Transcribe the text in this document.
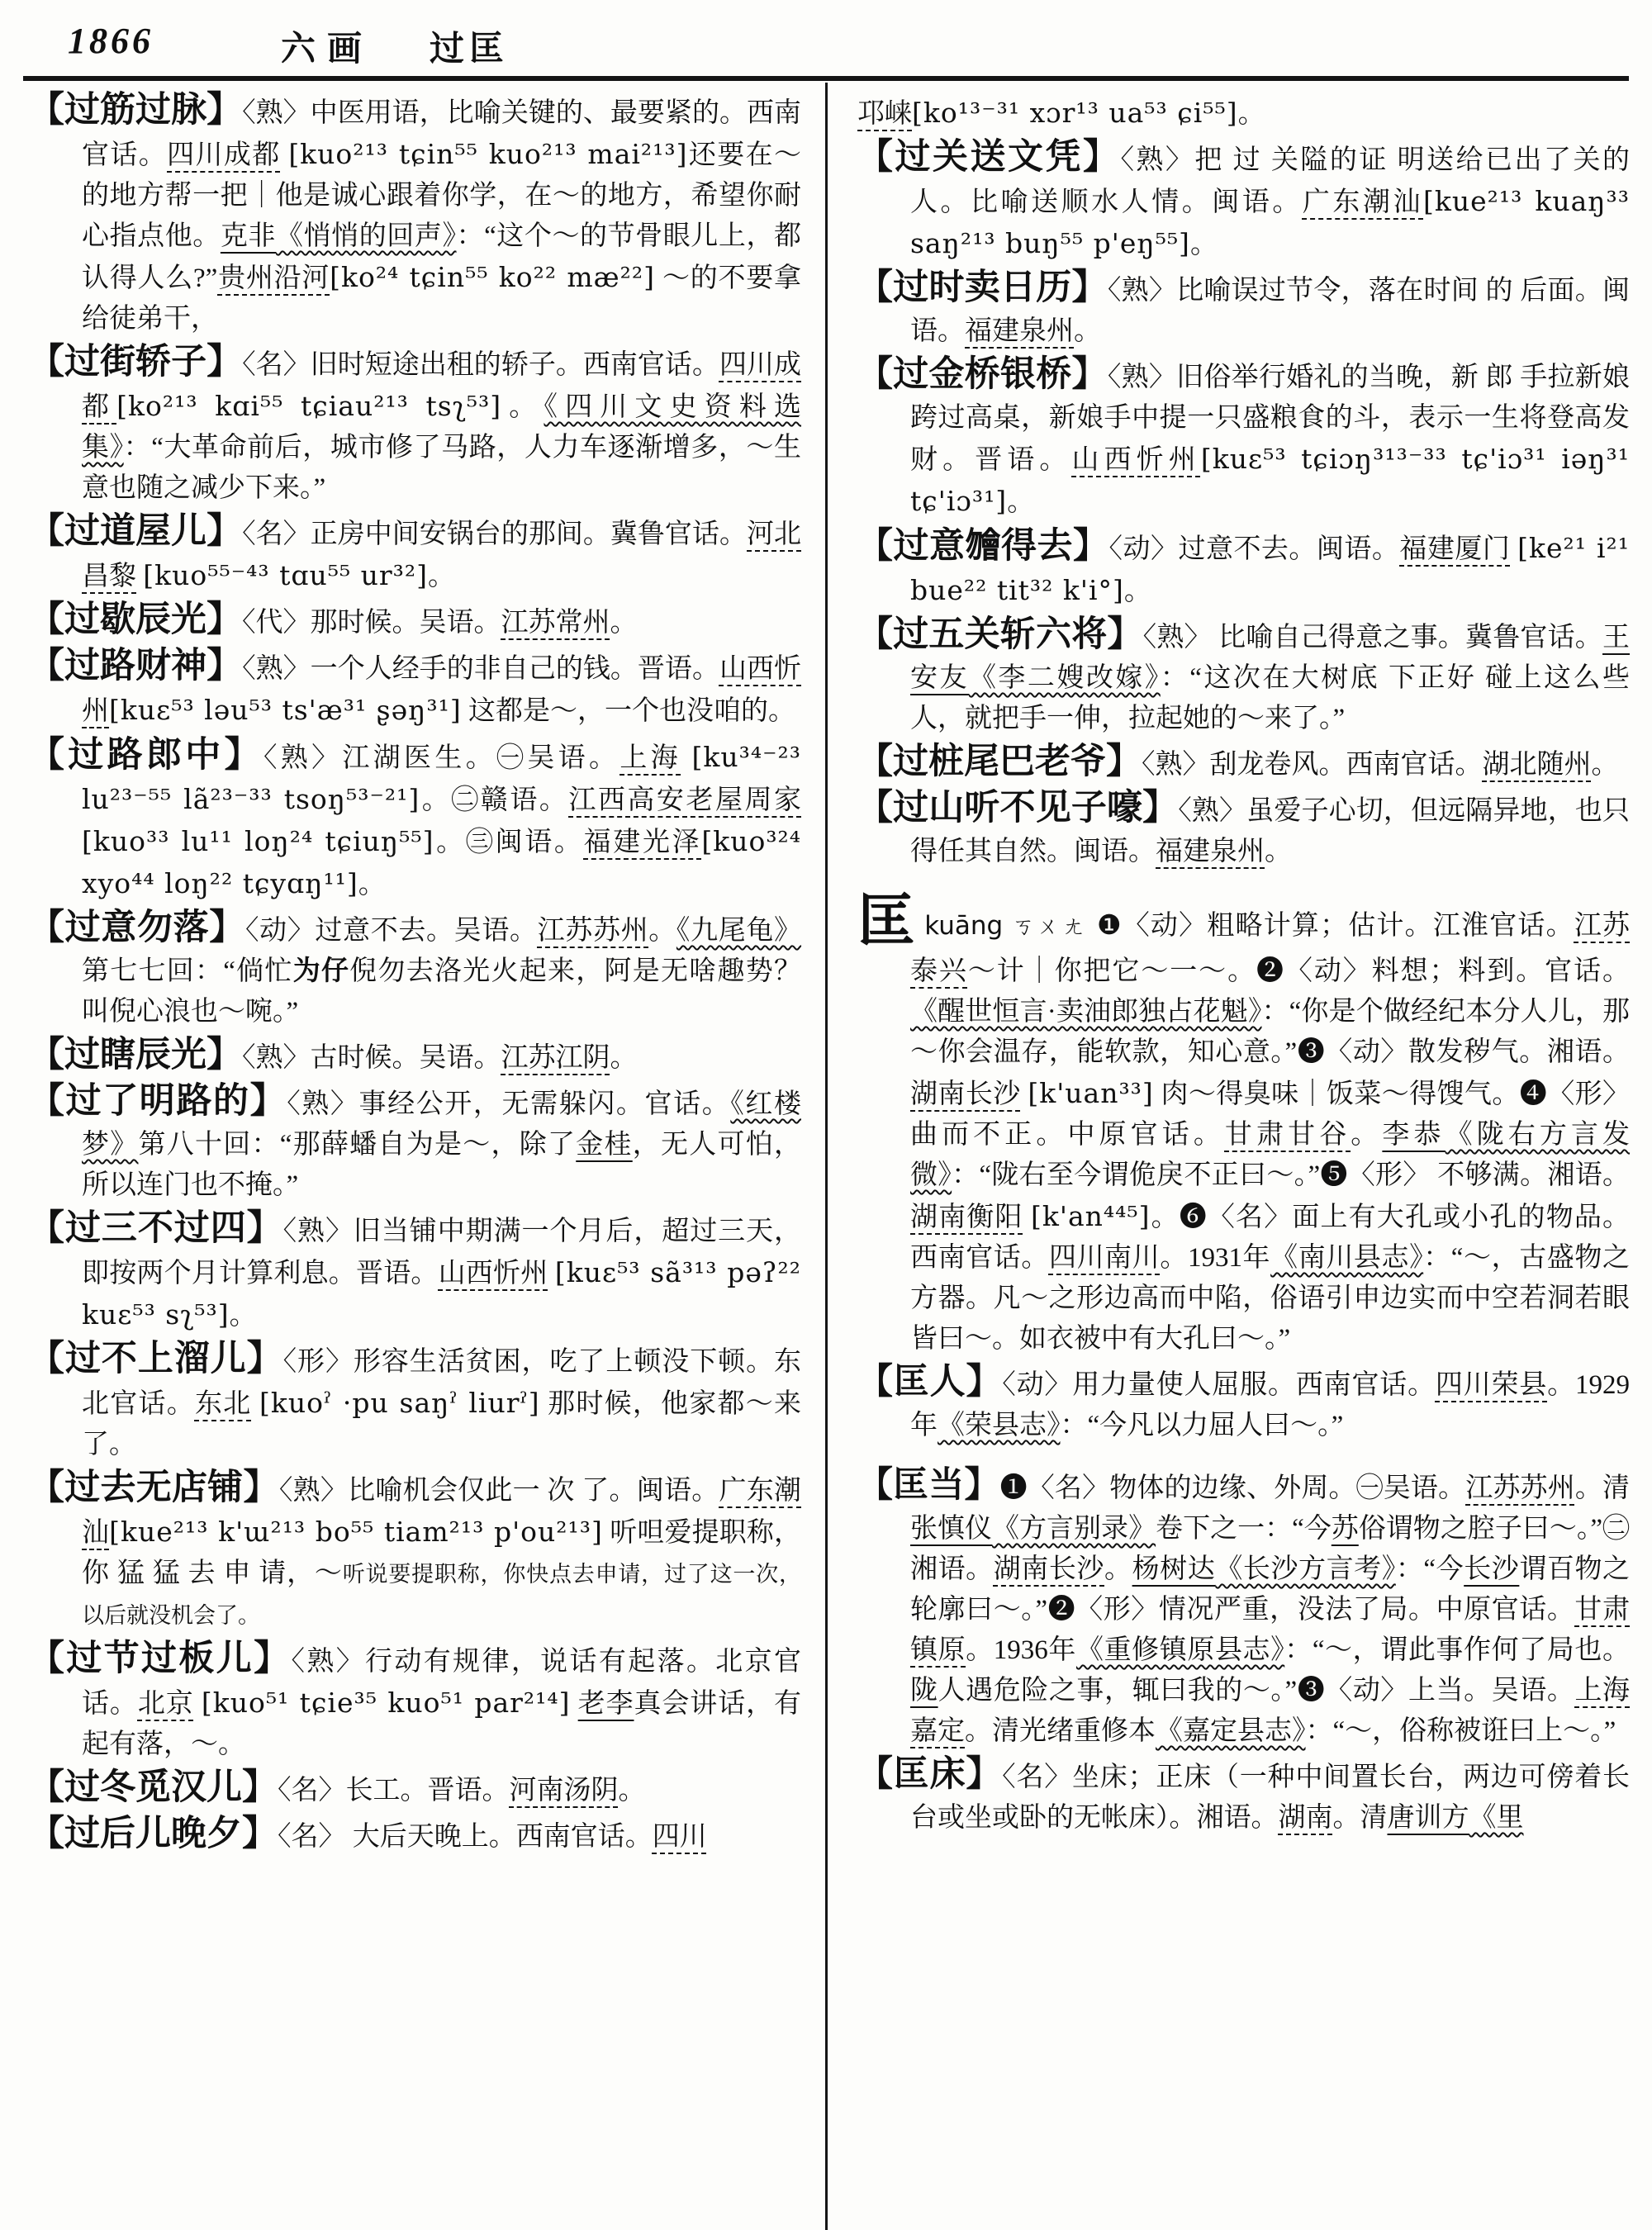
1866	六画 过匡

【过筋过脉】〈熟〉中医用语，比喻关键的、最要紧的。西南官话。四川成都 [kuo²¹³ tɕin⁵⁵ kuo²¹³ mai²¹³]还要在～的地方帮一把｜他是诚心跟着你学，在～的地方，希望你耐心指点他。克非《悄悄的回声》：“这个～的节骨眼儿上，都认得人么?”贵州沿河[ko²⁴ tɕin⁵⁵ ko²² mæ²²] ～的不要拿给徒弟干，

【过街轿子】〈名〉旧时短途出租的轿子。西南官话。四川成都[ko²¹³ kɑi⁵⁵ tɕiau²¹³ tsʅ⁵³]。《四川文史资料选集》：“大革命前后，城市修了马路，人力车逐渐增多，～生意也随之减少下来。”

【过道屋儿】〈名〉正房中间安锅台的那间。冀鲁官话。河北昌黎 [kuo⁵⁵⁻⁴³ tɑu⁵⁵ ur³²]。

【过歇辰光】〈代〉那时候。吴语。江苏常州。

【过路财神】〈熟〉一个人经手的非自己的钱。晋语。山西忻州[kuɛ⁵³ ləu⁵³ ts'æ³¹ ʂəŋ³¹] 这都是～，一个也没咱的。

【过路郎中】〈熟〉江湖医生。㊀吴语。上海 [ku³⁴⁻²³ lu²³⁻⁵⁵ lã²³⁻³³ tsoŋ⁵³⁻²¹]。㊁赣语。江西高安老屋周家 [kuo³³ lu¹¹ loŋ²⁴ tɕiuŋ⁵⁵]。㊂闽语。福建光泽[kuo³²⁴ xyo⁴⁴ loŋ²² tɕyɑŋ¹¹]。

【过意勿落】〈动〉过意不去。吴语。江苏苏州。《九尾龟》第七七回：“倘忙为仔倪勿去洛光火起来，阿是无啥趣势？叫倪心浪也～啘。”

【过瞎辰光】〈熟〉古时候。吴语。江苏江阴。

【过了明路的】〈熟〉事经公开，无需躲闪。官话。《红楼梦》第八十回：“那薛蟠自为是～，除了金桂，无人可怕，所以连门也不掩。”

【过三不过四】〈熟〉旧当铺中期满一个月后，超过三天，即按两个月计算利息。晋语。山西忻州 [kuɛ⁵³ sã³¹³ pəʔ²² kuɛ⁵³ sʅ⁵³]。

【过不上溜儿】〈形〉形容生活贫困，吃了上顿没下顿。东北官话。东北 [kuoˀ ·pu saŋˀ liurˀ] 那时候，他家都～来了。

【过去无店铺】〈熟〉比喻机会仅此一 次 了。闽语。广东潮汕[kue²¹³ k'ɯ²¹³ bo⁵⁵ tiam²¹³ p'ou²¹³] 听呾爱提职称，你 猛 猛 去 申 请，～听说要提职称，你快点去申请，过了这一次，以后就没机会了。

【过节过板儿】〈熟〉行动有规律，说话有起落。北京官话。北京 [kuo⁵¹ tɕie³⁵ kuo⁵¹ par²¹⁴] 老李真会讲话，有起有落，～。

【过冬觅汉儿】〈名〉长工。晋语。河南汤阴。

【过后儿晚夕】〈名〉 大后天晚上。西南官话。四川

邛崃[ko¹³⁻³¹ xɔr¹³ ua⁵³ ɕi⁵⁵]。

【过关送文凭】〈熟〉把 过 关隘的证 明送给已出了关的人。比喻送顺水人情。闽语。广东潮汕[kue²¹³ kuaŋ³³ saŋ²¹³ buŋ⁵⁵ p'eŋ⁵⁵]。

【过时卖日历】〈熟〉比喻误过节令，落在时间 的 后面。闽语。福建泉州。

【过金桥银桥】〈熟〉旧俗举行婚礼的当晚，新 郎 手拉新娘跨过高桌，新娘手中提一只盛粮食的斗，表示一生将登高发财。晋语。山西忻州[kuɛ⁵³ tɕiɔŋ³¹³⁻³³ tɕ'iɔ³¹ iəŋ³¹ tɕ'iɔ³¹]。

【过意𣍐得去】〈动〉过意不去。闽语。福建厦门 [ke²¹ i²¹ bue²² tit³² k'i°]。

【过五关斩六将】〈熟〉 比喻自己得意之事。冀鲁官话。王安友《李二嫂改嫁》：“这次在大树底 下正好 碰上这么些人，就把手一伸，拉起她的～来了。”

【过桩尾巴老爷】〈熟〉刮龙卷风。西南官话。湖北随州。

【过山听不见子嚎】〈熟〉虽爱子心切，但远隔异地，也只得任其自然。闽语。福建泉州。

匡kuāng ㄎㄨㄤ ❶〈动〉粗略计算；估计。江淮官话。江苏泰兴～计｜你把它～一～。❷〈动〉料想；料到。官话。《醒世恒言·卖油郎独占花魁》：“你是个做经纪本分人儿，那～你会温存，能软款，知心意。”❸〈动〉散发秽气。湘语。湖南长沙 [k'uan³³] 肉～得臭味｜饭菜～得馊气。❹〈形〉曲而不正。中原官话。甘肃甘谷。李恭《陇右方言发微》：“陇右至今谓佹戾不正曰～。”❺〈形〉 不够满。湘语。湖南衡阳 [k'an⁴⁴⁵]。❻〈名〉面上有大孔或小孔的物品。西南官话。四川南川。1931年《南川县志》：“～，古盛物之方器。凡～之形边高而中陷，俗语引申边实而中空若洞若眼皆曰～。如衣被中有大孔曰～。”

【匡人】〈动〉用力量使人屈服。西南官话。四川荣县。1929年《荣县志》：“今凡以力屈人曰～。”

【匡当】❶〈名〉物体的边缘、外周。㊀吴语。江苏苏州。清张慎仪《方言别录》卷下之一：“今苏俗谓物之腔子曰～。”㊁湘语。湖南长沙。杨树达《长沙方言考》：“今长沙谓百物之轮廓曰～。”❷〈形〉情况严重，没法了局。中原官话。甘肃镇原。1936年《重修镇原县志》：“～，谓此事作何了局也。陇人遇危险之事，辄曰我的～。”❸〈动〉上当。吴语。上海嘉定。清光绪重修本《嘉定县志》：“～，俗称被诳曰上～。”

【匡床】〈名〉坐床；正床（一种中间置长台，两边可傍着长台或坐或卧的无帐床）。湘语。湖南。清唐训方《里
